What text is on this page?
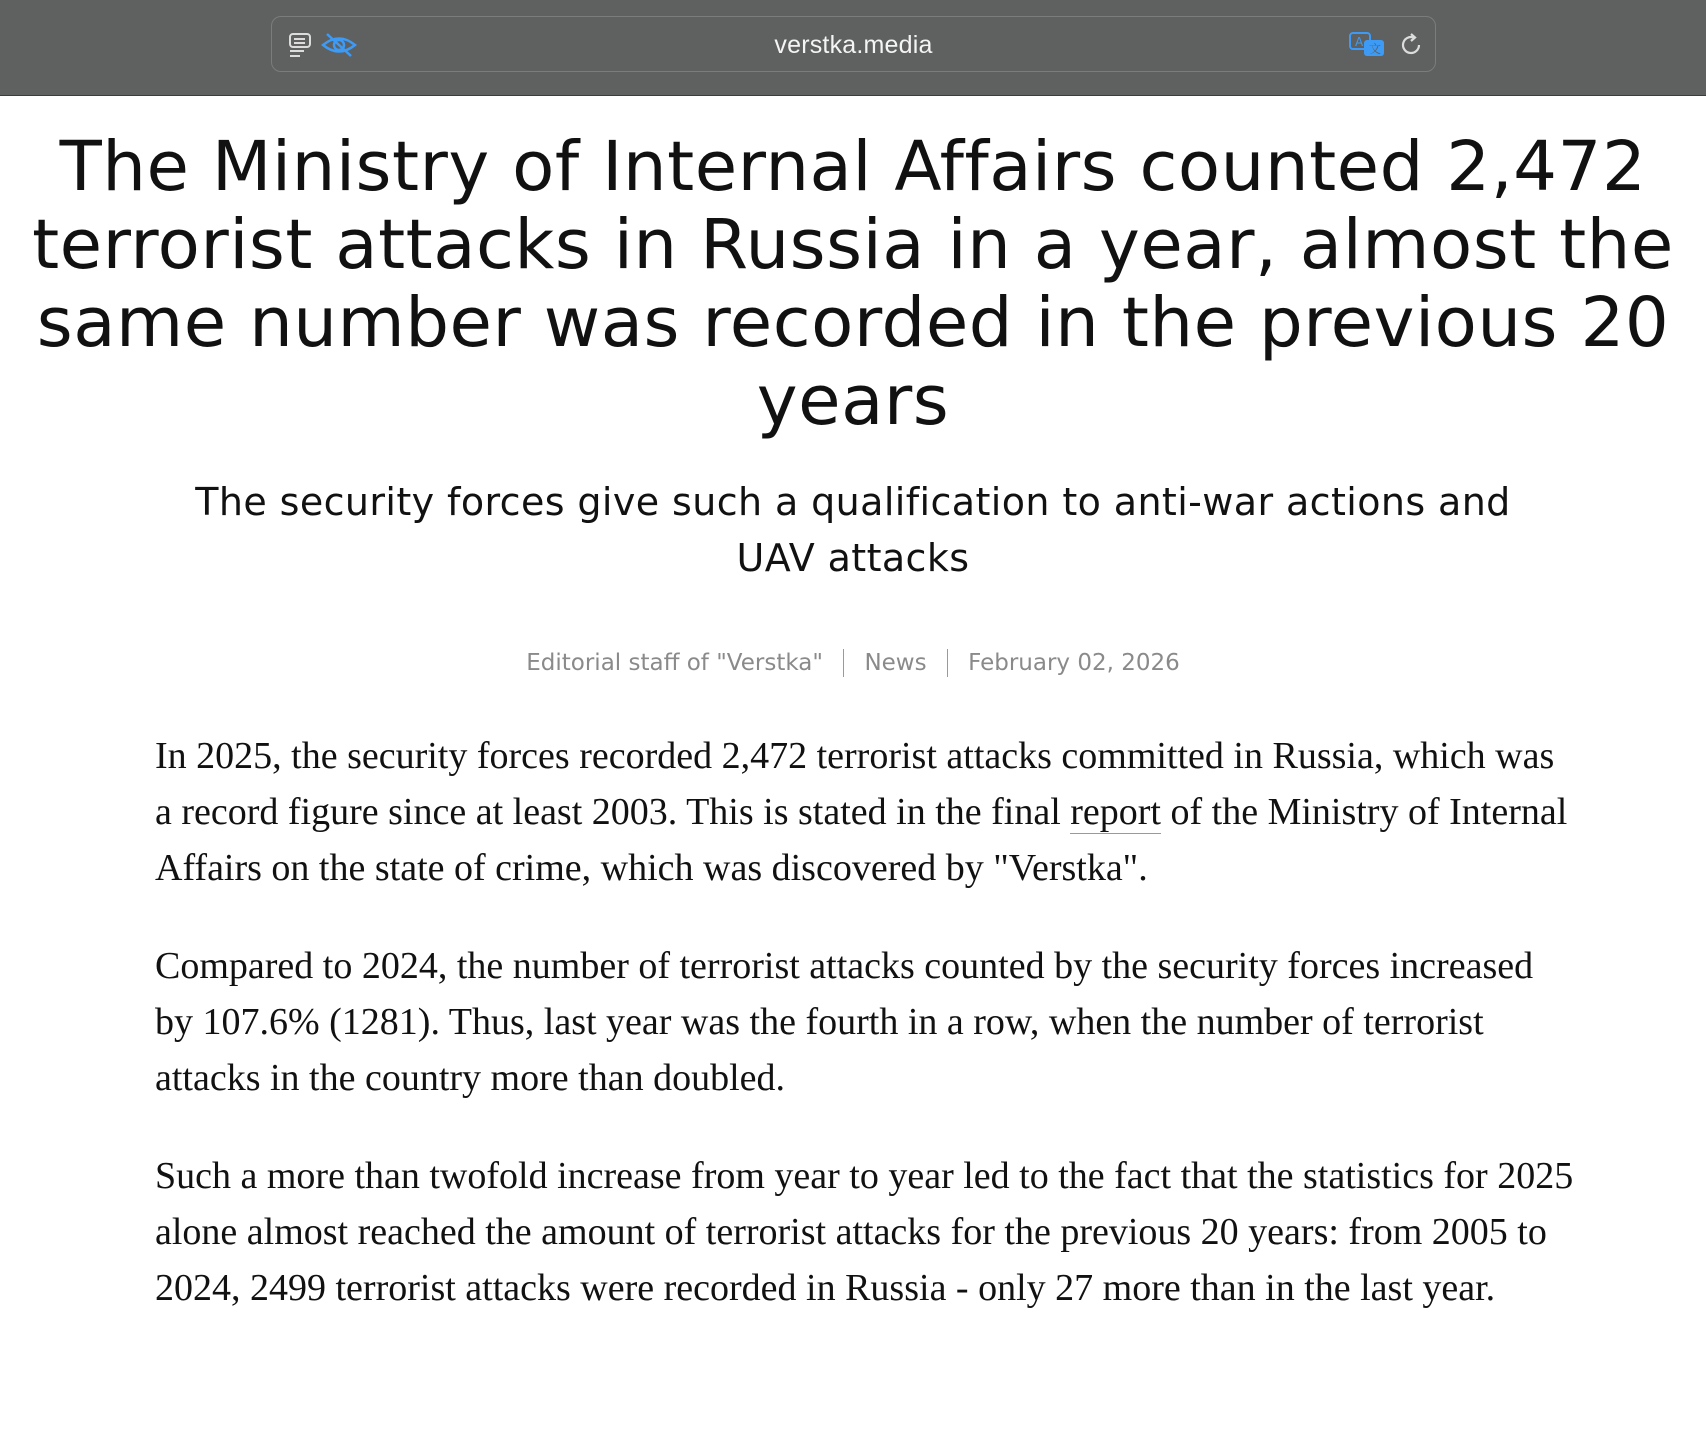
verstka.media	A 文
The Ministry of Internal Affairs counted 2,472 terrorist attacks in Russia in a year, almost the same number was recorded in the previous 20 years
The security forces give such a qualification to anti-war actions and UAV attacks
Editorial staff of "Verstka" News February 02, 2026

In 2025, the security forces recorded 2,472 terrorist attacks committed in Russia, which was a record figure since at least 2003. This is stated in the final report of the Ministry of Internal Affairs on the state of crime, which was discovered by "Verstka".

Compared to 2024, the number of terrorist attacks counted by the security forces increased by 107.6% (1281). Thus, last year was the fourth in a row, when the number of terrorist attacks in the country more than doubled.

Such a more than twofold increase from year to year led to the fact that the statistics for 2025 alone almost reached the amount of terrorist attacks for the previous 20 years: from 2005 to 2024, 2499 terrorist attacks were recorded in Russia - only 27 more than in the last year.
